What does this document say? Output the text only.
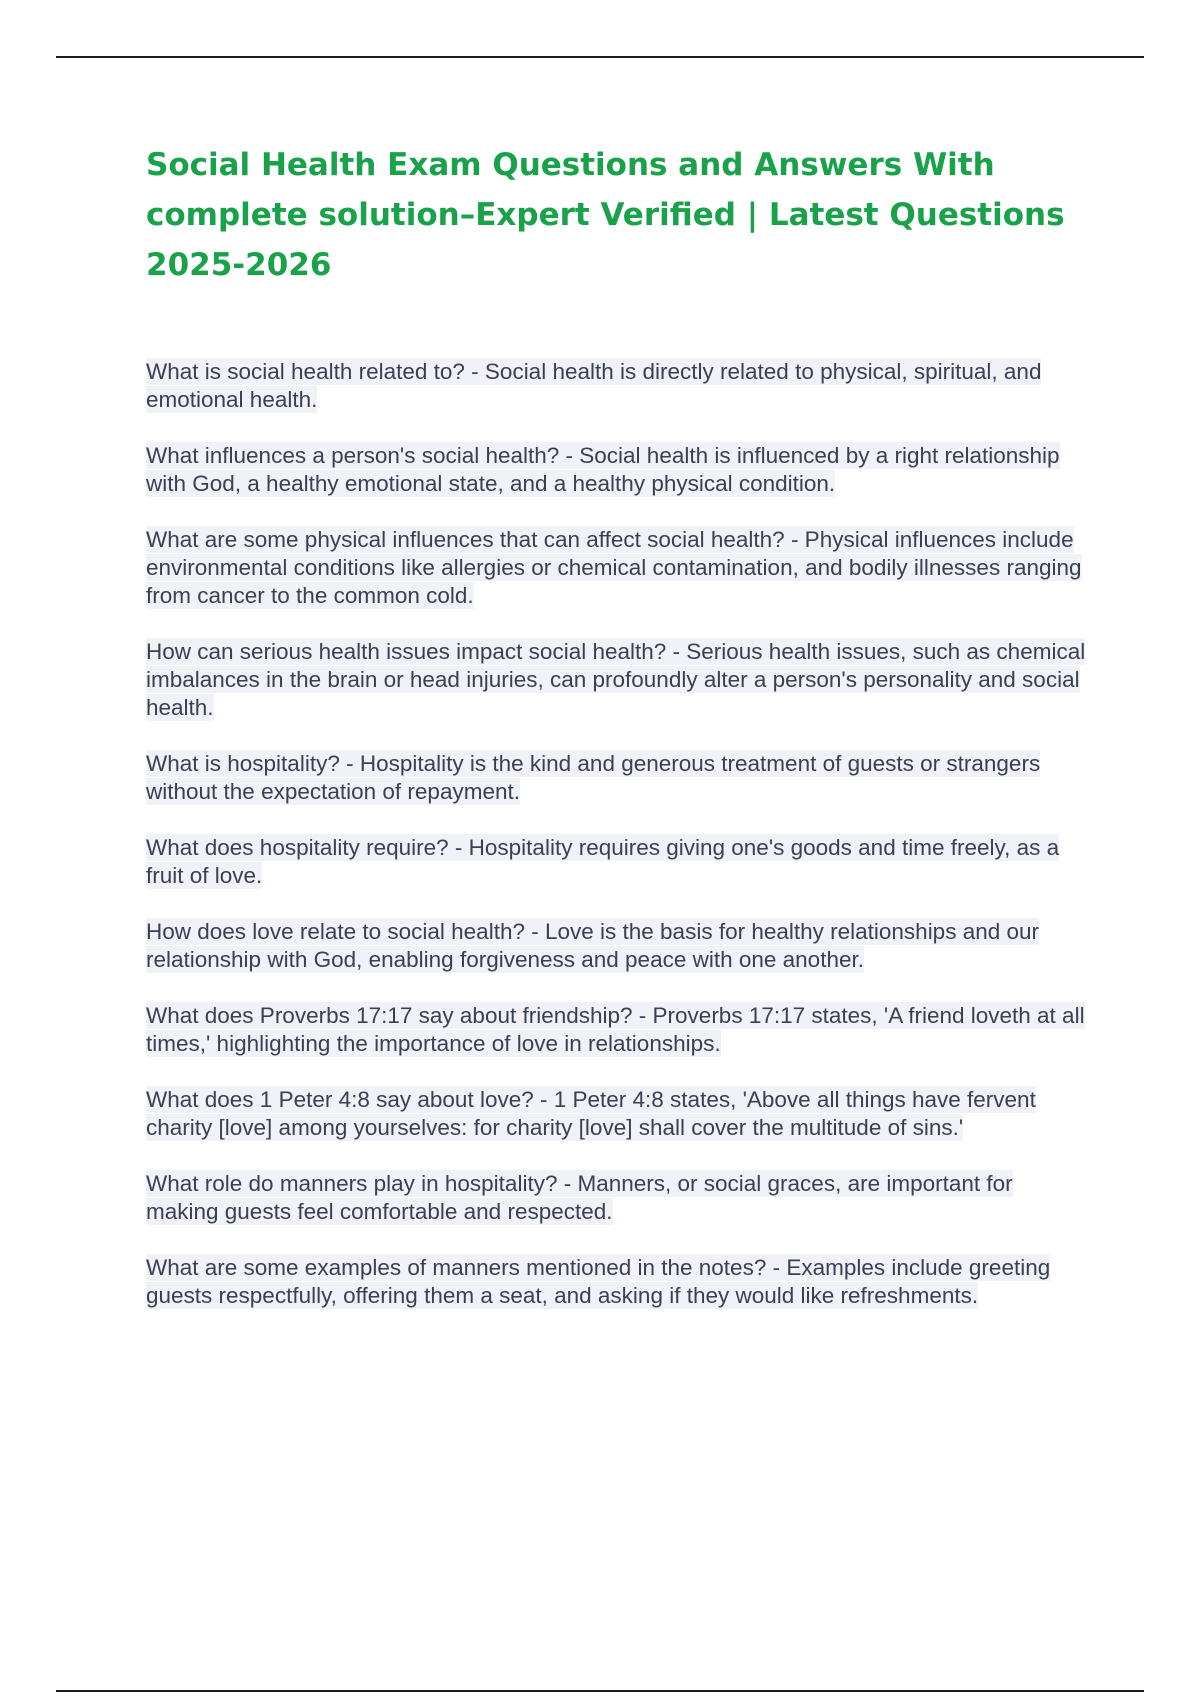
Social Health Exam Questions and Answers With complete solution–Expert Verified | Latest Questions 2025-2026
What is social health related to? - Social health is directly related to physical, spiritual, and emotional health.
What influences a person's social health? - Social health is influenced by a right relationship with God, a healthy emotional state, and a healthy physical condition.
What are some physical influences that can affect social health? - Physical influences include environmental conditions like allergies or chemical contamination, and bodily illnesses ranging from cancer to the common cold.
How can serious health issues impact social health? - Serious health issues, such as chemical imbalances in the brain or head injuries, can profoundly alter a person's personality and social health.
What is hospitality? - Hospitality is the kind and generous treatment of guests or strangers without the expectation of repayment.
What does hospitality require? - Hospitality requires giving one's goods and time freely, as a fruit of love.
How does love relate to social health? - Love is the basis for healthy relationships and our relationship with God, enabling forgiveness and peace with one another.
What does Proverbs 17:17 say about friendship? - Proverbs 17:17 states, 'A friend loveth at all times,' highlighting the importance of love in relationships.
What does 1 Peter 4:8 say about love? - 1 Peter 4:8 states, 'Above all things have fervent charity [love] among yourselves: for charity [love] shall cover the multitude of sins.'
What role do manners play in hospitality? - Manners, or social graces, are important for making guests feel comfortable and respected.
What are some examples of manners mentioned in the notes? - Examples include greeting guests respectfully, offering them a seat, and asking if they would like refreshments.
